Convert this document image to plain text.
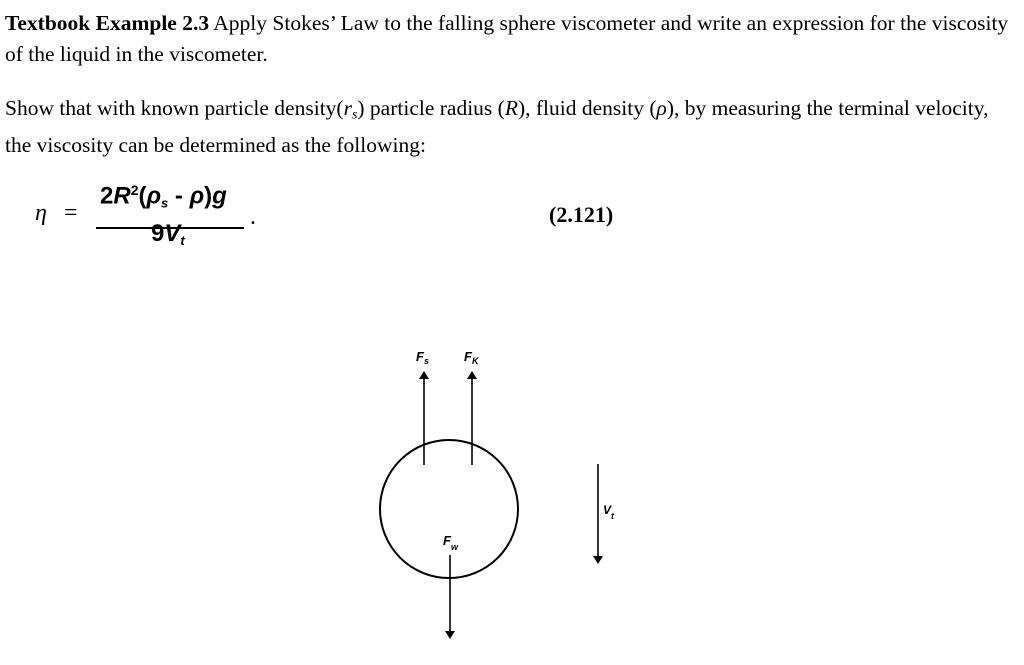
Textbook Example 2.3 Apply Stokes’ Law to the falling sphere viscometer and write an expression for the viscosity of the liquid in the viscometer.

Show that with known particle $density(r_s)$ particle radius (R), fluid density (ρ), by measuring the terminal velocity, the viscosity can be determined as the following:

η =
$2R^2(\rho s - \rho)g$
9Vt
.	(2.121)
$F_s$	$F_K$
$F_w$
$V_t$
